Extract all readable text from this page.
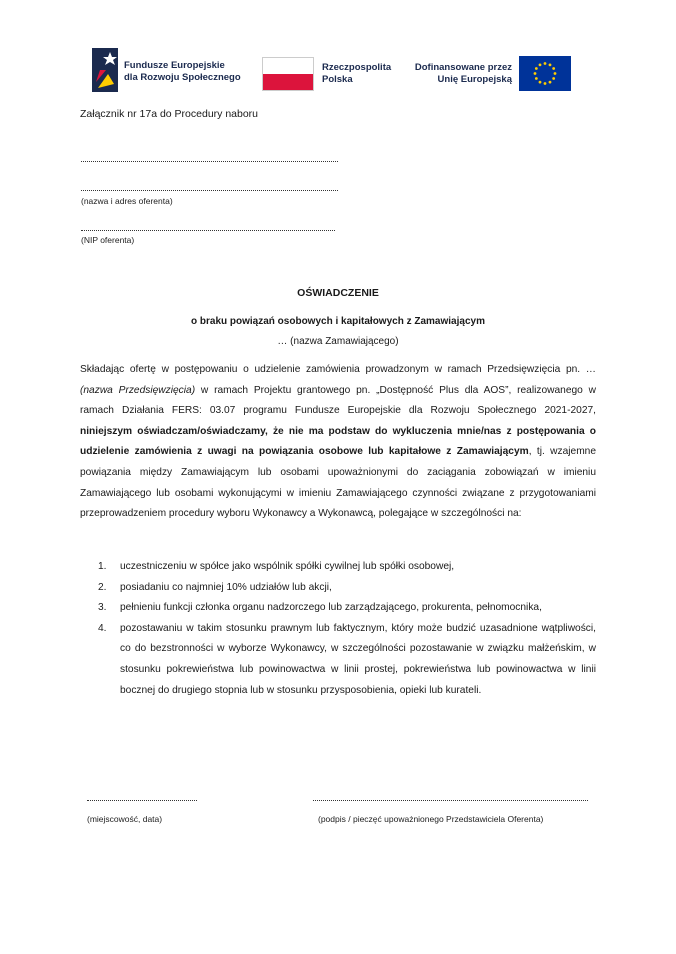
Fundusze Europejskie
dla Rozwoju Społecznego
Rzeczpospolita
Polska
Dofinansowane przez
Unię Europejską
Załącznik nr 17a do Procedury naboru
(nazwa i adres oferenta)
(NIP oferenta)
OŚWIADCZENIE
o braku powiązań osobowych i kapitałowych z Zamawiającym
… (nazwa Zamawiającego)
Składając ofertę w postępowaniu o udzielenie zamówienia prowadzonym w ramach Przedsięwzięcia pn. … (nazwa Przedsięwzięcia) w ramach Projektu grantowego pn. „Dostępność Plus dla AOS”, realizowanego w ramach Działania FERS: 03.07 programu Fundusze Europejskie dla Rozwoju Społecznego 2021-2027, niniejszym oświadczam/oświadczamy, że nie ma podstaw do wykluczenia mnie/nas z postępowania o udzielenie zamówienia z uwagi na powiązania osobowe lub kapitałowe z Zamawiającym, tj. wzajemne powiązania między Zamawiającym lub osobami upoważnionymi do zaciągania zobowiązań w imieniu Zamawiającego lub osobami wykonującymi w imieniu Zamawiającego czynności związane z przygotowaniami przeprowadzeniem procedury wyboru Wykonawcy a Wykonawcą, polegające w szczególności na:
1.	uczestniczeniu w spółce jako wspólnik spółki cywilnej lub spółki osobowej,
2.	posiadaniu co najmniej 10% udziałów lub akcji,
3.	pełnieniu funkcji członka organu nadzorczego lub zarządzającego, prokurenta, pełnomocnika,
4.	pozostawaniu w takim stosunku prawnym lub faktycznym, który może budzić uzasadnione wątpliwości, co do bezstronności w wyborze Wykonawcy, w szczególności pozostawanie w związku małżeńskim, w stosunku pokrewieństwa lub powinowactwa w linii prostej, pokrewieństwa lub powinowactwa w linii bocznej do drugiego stopnia lub w stosunku przysposobienia, opieki lub kurateli.
(miejscowość, data)	(podpis / pieczęć upoważnionego Przedstawiciela Oferenta)
